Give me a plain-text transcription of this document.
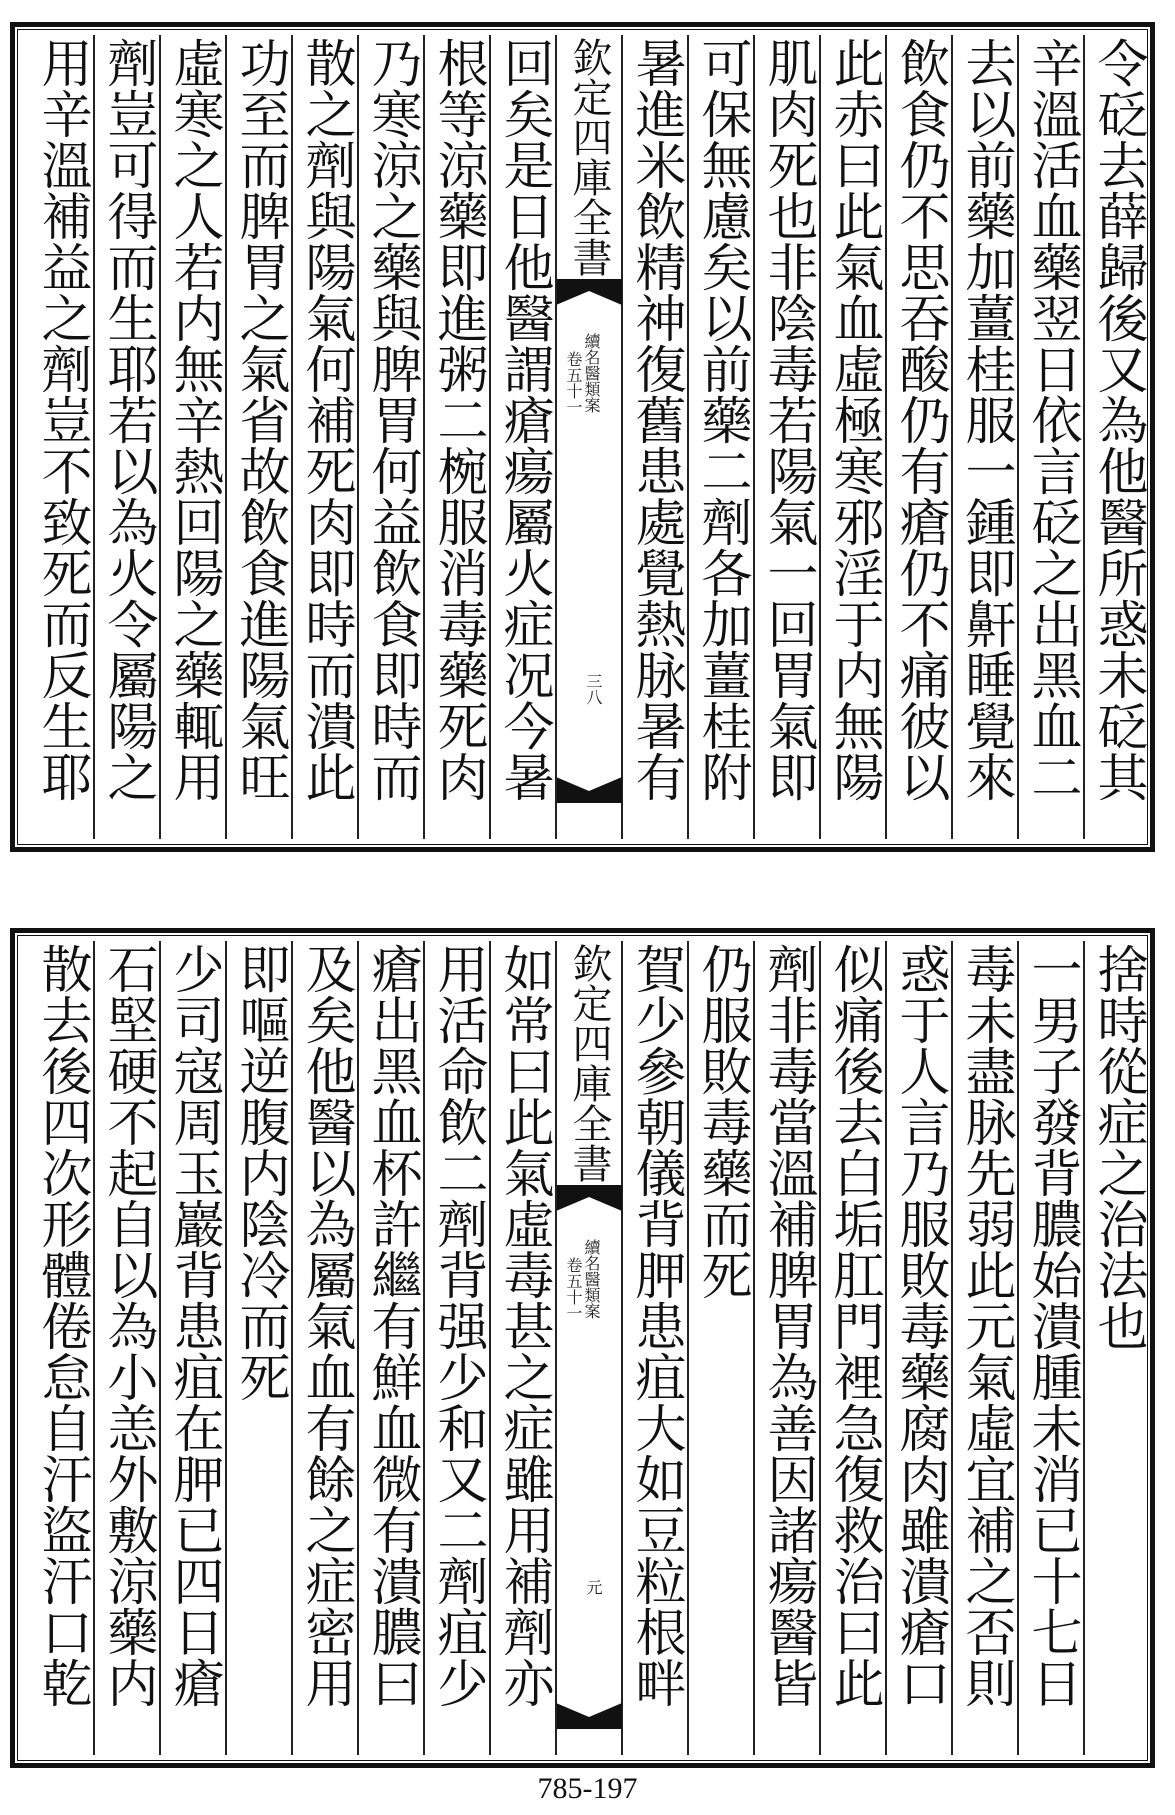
令砭去薛歸後又為他醫所惑未砭其
辛溫活血藥翌日依言砭之出黑血二
去以前藥加薑桂服一鍾即鼾睡覺來
飲食仍不思吞酸仍有瘡仍不痛彼以
此赤曰此氣血虛極寒邪淫于内無陽
肌肉死也非陰毒若陽氣一回胃氣即
可保無慮矣以前藥二劑各加薑桂附
暑進米飲精神復舊患處覺熱脉暑有
欽定四庫全書
續名醫類案
卷五十一
三八
回矣是日他醫謂瘡瘍屬火症况今暑
根等涼藥即進粥二椀服消毒藥死肉
乃寒涼之藥與脾胃何益飲食即時而
散之劑與陽氣何補死肉即時而潰此
功至而脾胃之氣省故飲食進陽氣旺
虛寒之人若内無辛熱回陽之藥輒用
劑豈可得而生耶若以為火令屬陽之
用辛溫補益之劑豈不致死而反生耶
捨時從症之治法也
一男子發背膿始潰腫未消已十七日
毒未盡脉先弱此元氣虛宜補之否則
惑于人言乃服敗毒藥腐肉雖潰瘡口
似痛後去白垢肛門裡急復救治曰此
劑非毒當溫補脾胃為善因諸瘍醫皆
仍服敗毒藥而死
賀少參朝儀背胛患疽大如豆粒根畔
欽定四庫全書
續名醫類案
卷五十一
元
如常曰此氣虛毒甚之症雖用補劑亦
用活命飲二劑背强少和又二劑疽少
瘡出黑血杯許繼有鮮血微有潰膿曰
及矣他醫以為屬氣血有餘之症密用
即嘔逆腹内陰冷而死
少司寇周玉巖背患疽在胛已四日瘡
石堅硬不起自以為小恙外敷涼藥内
散去後四次形體倦怠自汗盜汗口乾
785-197
